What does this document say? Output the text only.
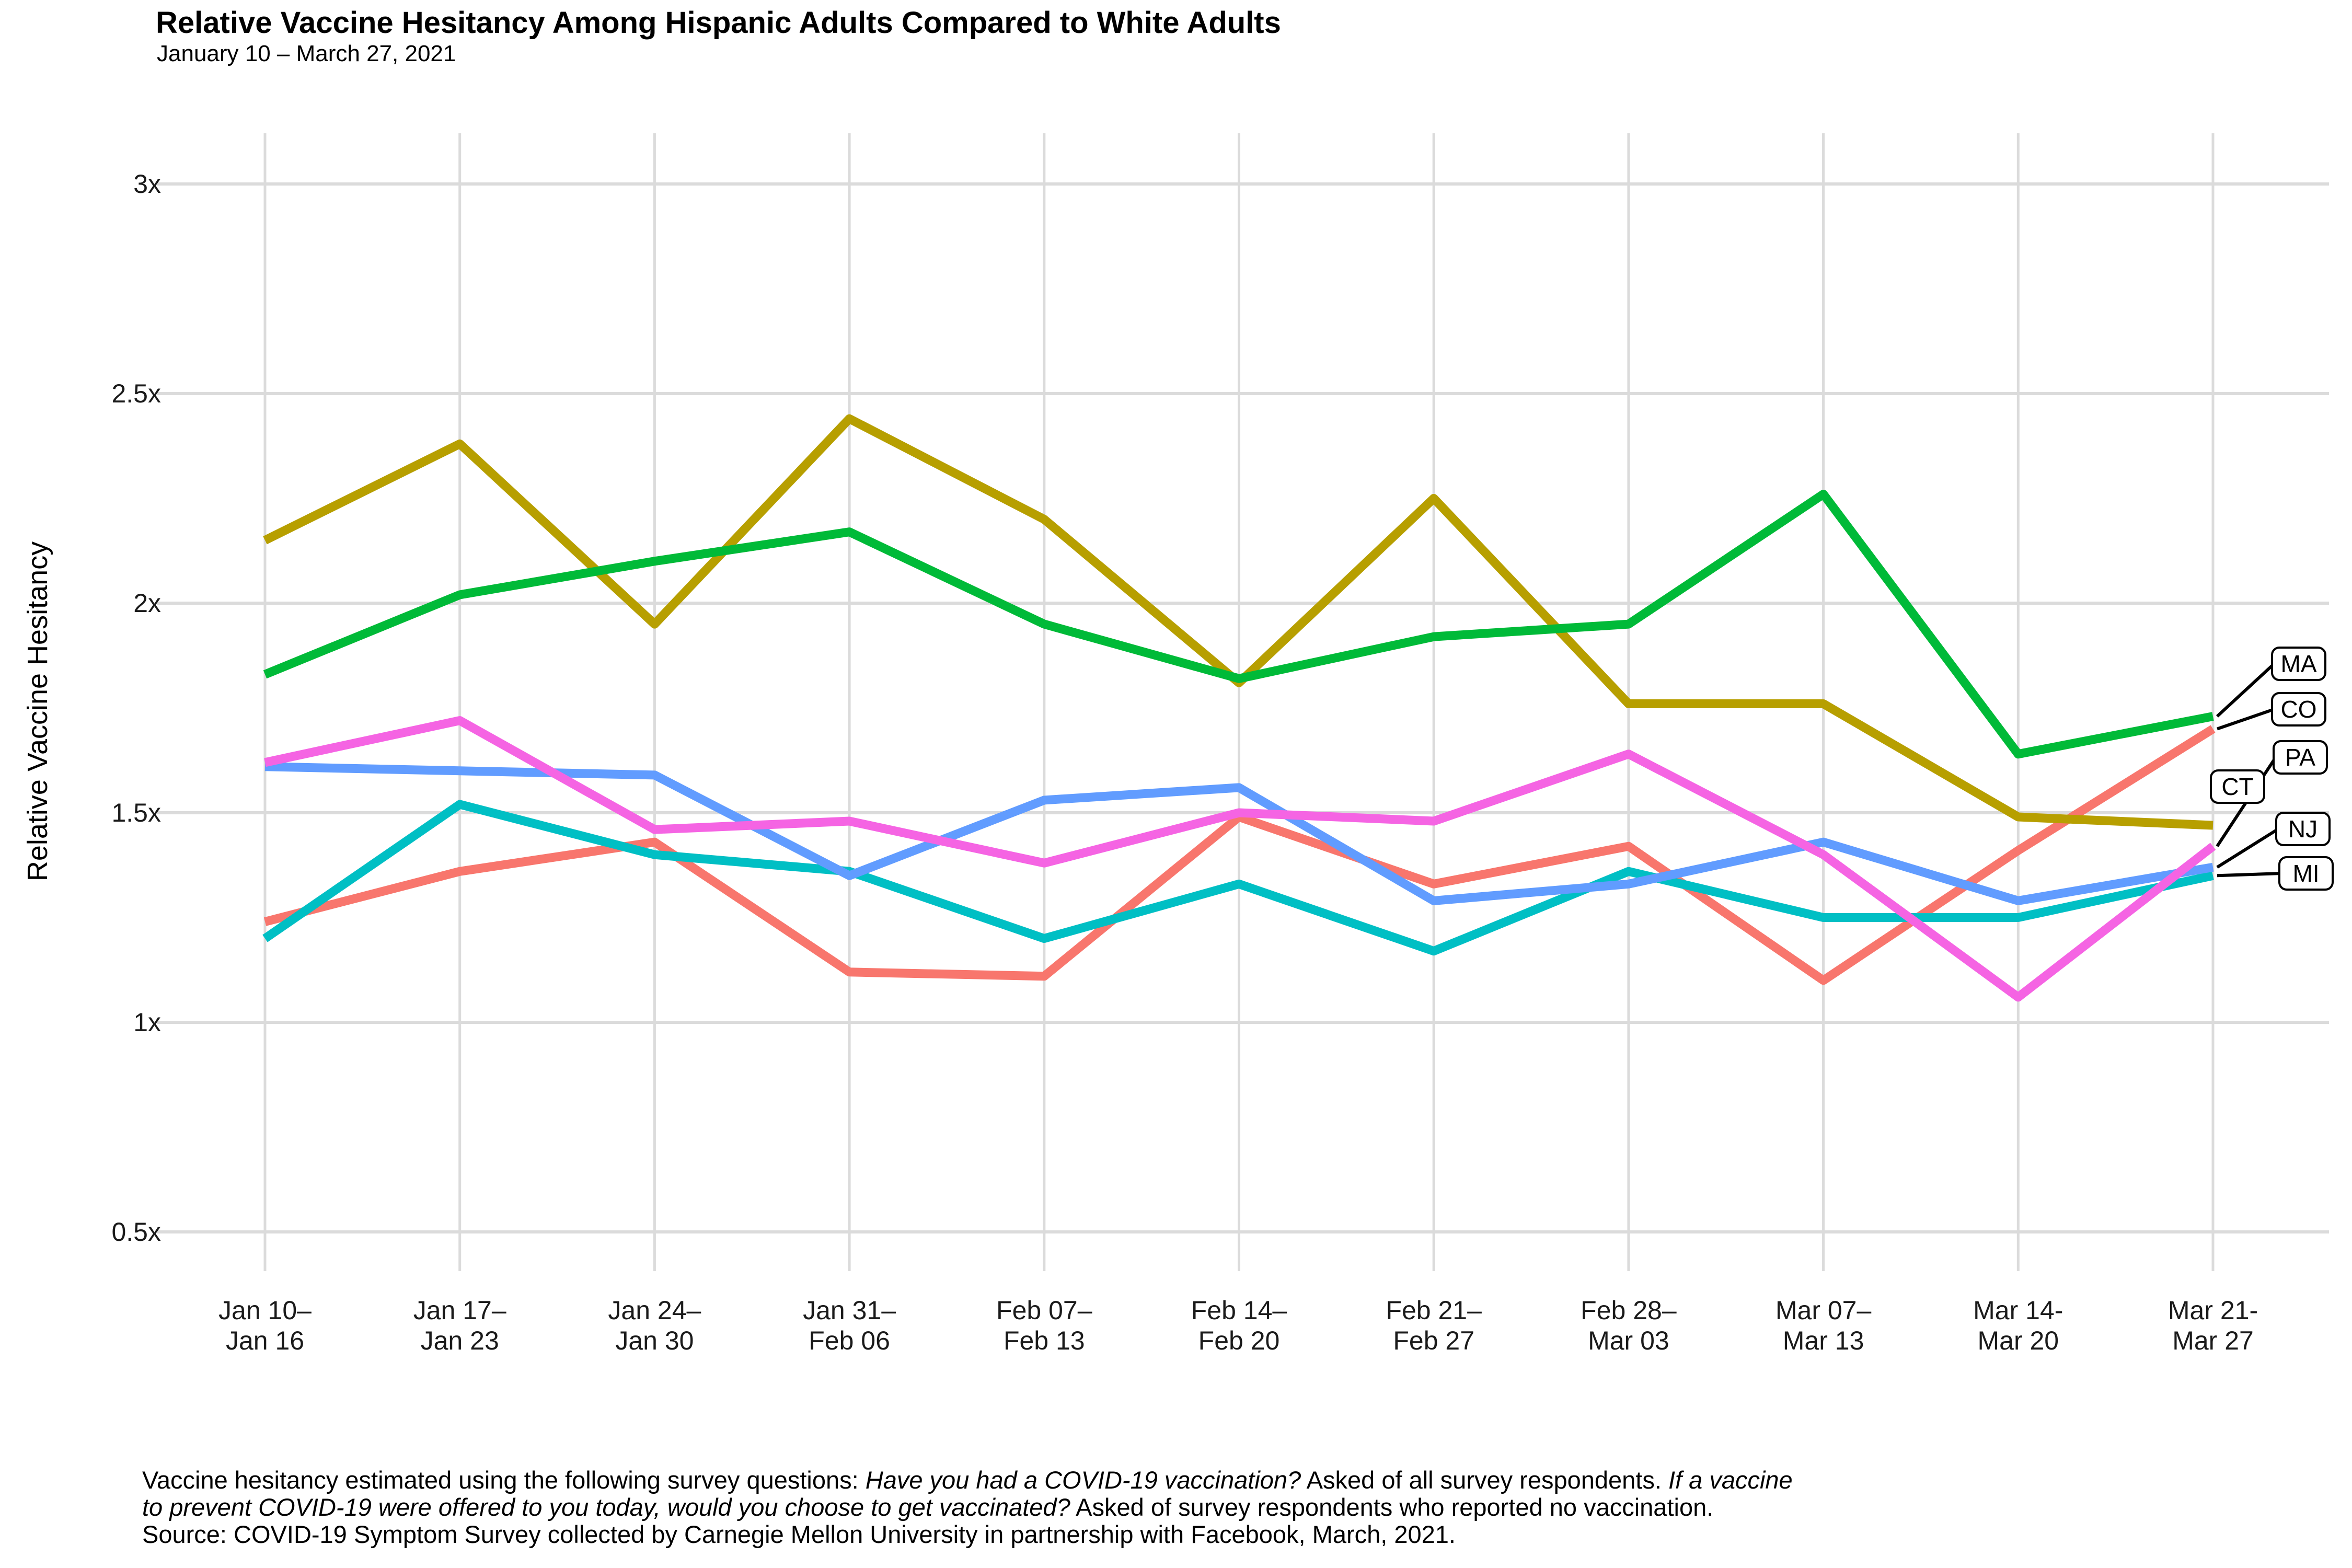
Relative Vaccine Hesitancy Among Hispanic Adults Compared to White Adults
January 10 – March 27, 2021
Relative Vaccine Hesitancy
3x
2.5x
2x
1.5x
1x
0.5x
Jan 10–
Jan 16
Jan 17–
Jan 23
Jan 24–
Jan 30
Jan 31–
Feb 06
Feb 07–
Feb 13
Feb 14–
Feb 20
Feb 21–
Feb 27
Feb 28–
Mar 03
Mar 07–
Mar 13
Mar 14-
Mar 20
Mar 21-
Mar 27
MA
CO
PA
CT
NJ
MI
Vaccine hesitancy estimated using the following survey questions: Have you had a COVID-19 vaccination? Asked of all survey respondents. If a vaccine
to prevent COVID-19 were offered to you today, would you choose to get vaccinated? Asked of survey respondents who reported no vaccination.
Source: COVID-19 Symptom Survey collected by Carnegie Mellon University in partnership with Facebook, March, 2021.
